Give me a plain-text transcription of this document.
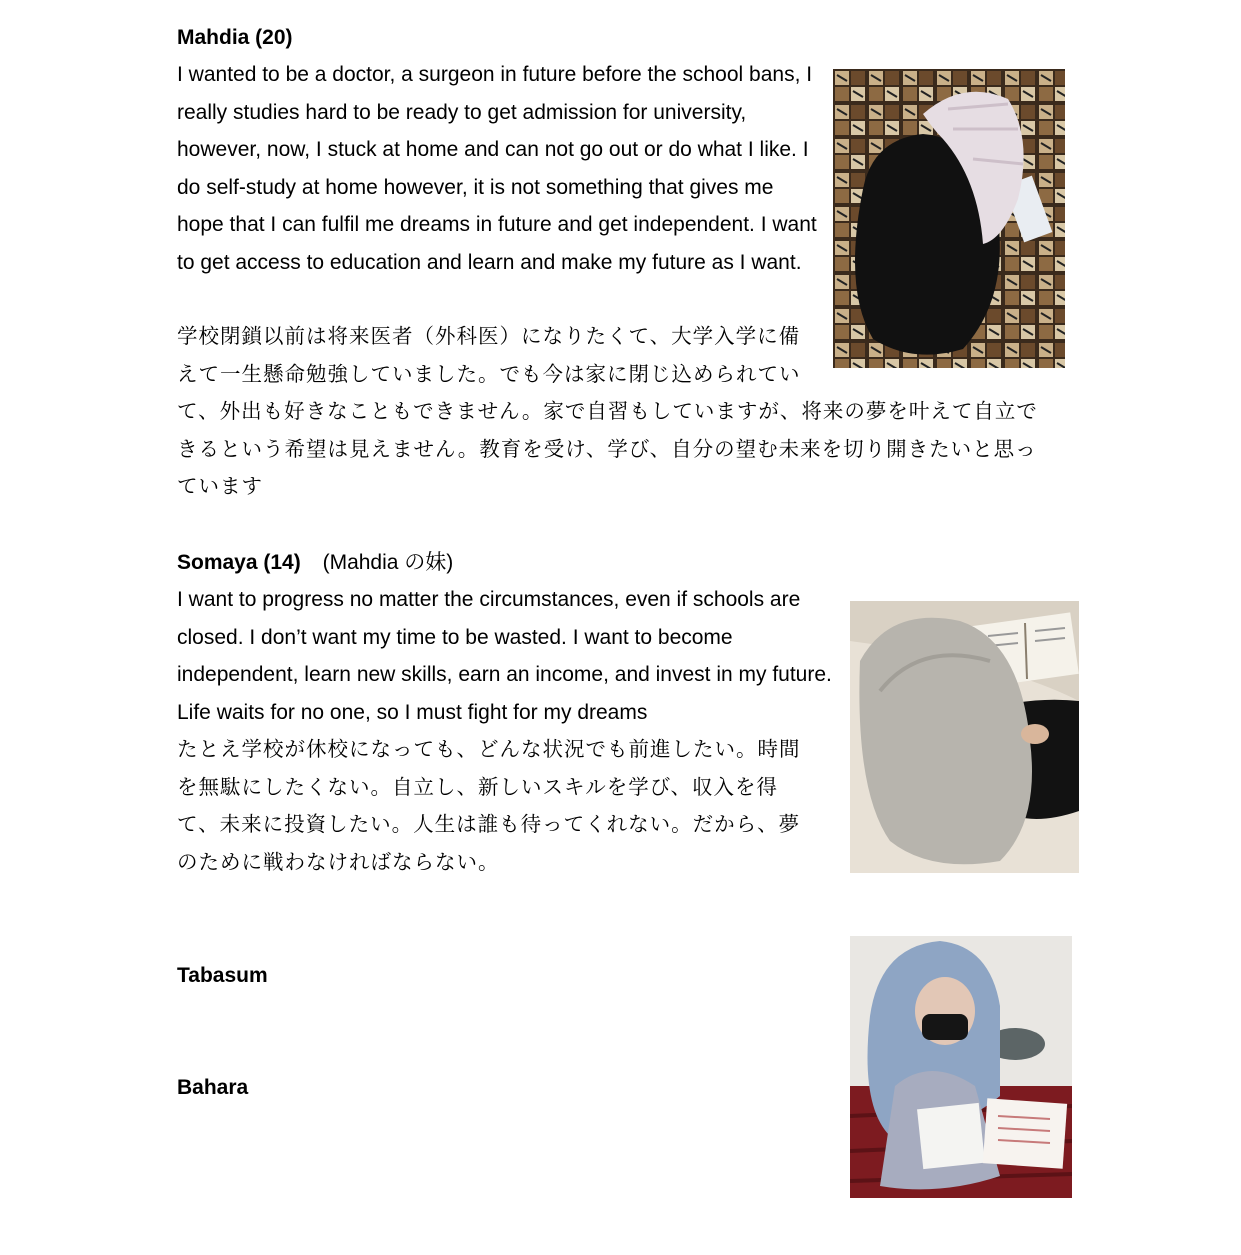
Mahdia (20)
I wanted to be a doctor, a surgeon in future before the school bans, I really studies hard to be ready to get admission for university, however, now, I stuck at home and can not go out or do what I like. I do self-study at home however, it is not something that gives me hope that I can fulfil me dreams in future and get independent. I want to get access to education and learn and make my future as I want.
学校閉鎖以前は将来医者（外科医）になりたくて、大学入学に備
えて一生懸命勉強していました。でも今は家に閉じ込められてい
て、外出も好きなこともできません。家で自習もしていますが、将来の夢を叶えて自立で
きるという希望は見えません。教育を受け、学び、自分の望む未来を切り開きたいと思っ
ています
Somaya (14) (Mahdia の妹)
I want to progress no matter the circumstances, even if schools are closed. I don’t want my time to be wasted. I want to become independent, learn new skills, earn an income, and invest in my future. Life waits for no one, so I must fight for my dreams
たとえ学校が休校になっても、どんな状況でも前進したい。時間
を無駄にしたくない。自立し、新しいスキルを学び、収入を得
て、未来に投資したい。人生は誰も待ってくれない。だから、夢
のために戦わなければならない。
Tabasum
Bahara
